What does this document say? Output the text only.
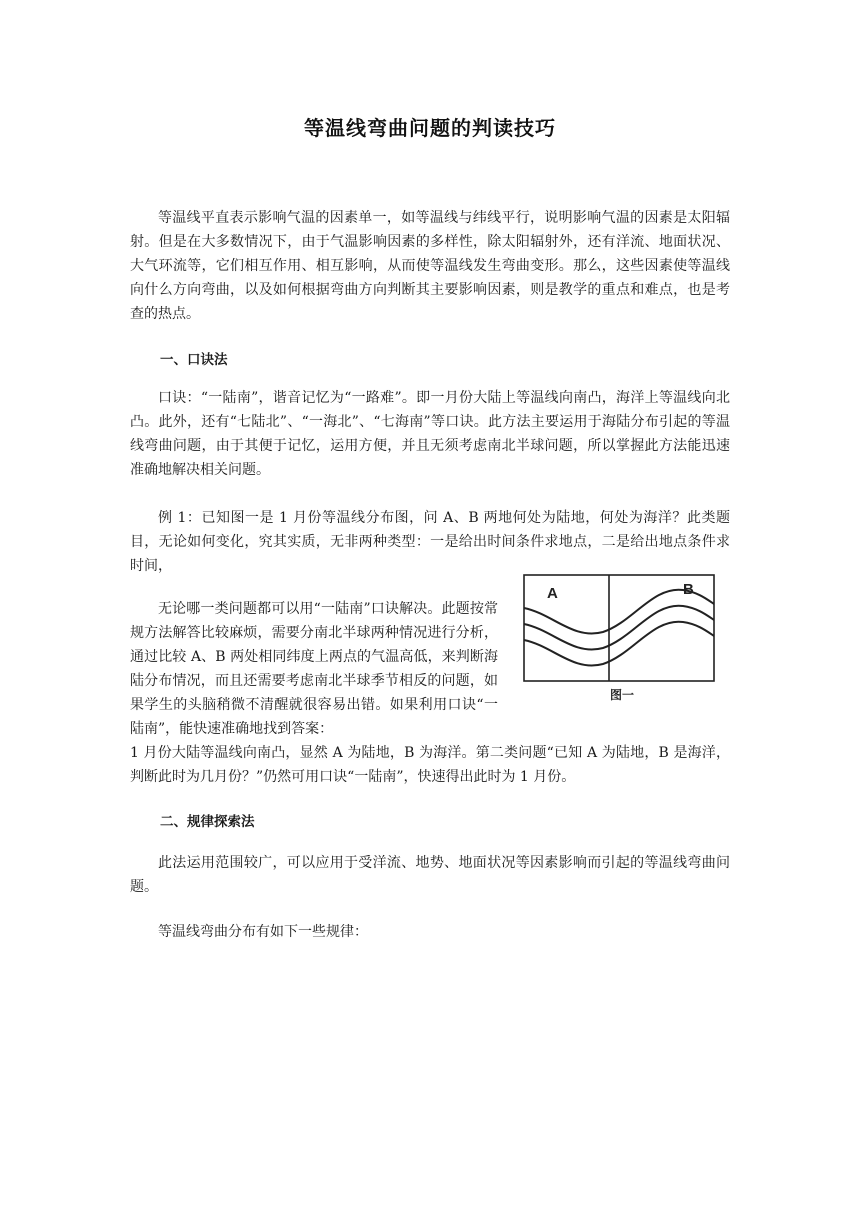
等温线弯曲问题的判读技巧

等温线平直表示影响气温的因素单一，如等温线与纬线平行，说明影响气温的因素是太阳辐射。但是在大多数情况下，由于气温影响因素的多样性，除太阳辐射外，还有洋流、地面状况、大气环流等，它们相互作用、相互影响，从而使等温线发生弯曲变形。那么，这些因素使等温线向什么方向弯曲，以及如何根据弯曲方向判断其主要影响因素，则是教学的重点和难点，也是考查的热点。

一、口诀法

口诀：“一陆南”，谐音记忆为“一路难”。即一月份大陆上等温线向南凸，海洋上等温线向北凸。此外，还有“七陆北”、“一海北”、“七海南”等口诀。此方法主要运用于海陆分布引起的等温线弯曲问题，由于其便于记忆，运用方便，并且无须考虑南北半球问题，所以掌握此方法能迅速准确地解决相关问题。

例 1：已知图一是 1 月份等温线分布图，问 A、B 两地何处为陆地，何处为海洋？此类题目，无论如何变化，究其实质，无非两种类型：一是给出时间条件求地点，二是给出地点条件求时间，

无论哪一类问题都可以用“一陆南”口诀解决。此题按常规方法解答比较麻烦，需要分南北半球两种情况进行分析，通过比较 A、B 两处相同纬度上两点的气温高低，来判断海陆分布情况，而且还需要考虑南北半球季节相反的问题，如果学生的头脑稍微不清醒就很容易出错。如果利用口诀“一陆南”，能快速准确地找到答案：

1 月份大陆等温线向南凸，显然 A 为陆地，B 为海洋。第二类问题“已知 A 为陆地，B 是海洋，判断此时为几月份？”仍然可用口诀“一陆南”，快速得出此时为 1 月份。

A	B
图一

二、规律探索法

此法运用范围较广，可以应用于受洋流、地势、地面状况等因素影响而引起的等温线弯曲问题。

等温线弯曲分布有如下一些规律：
